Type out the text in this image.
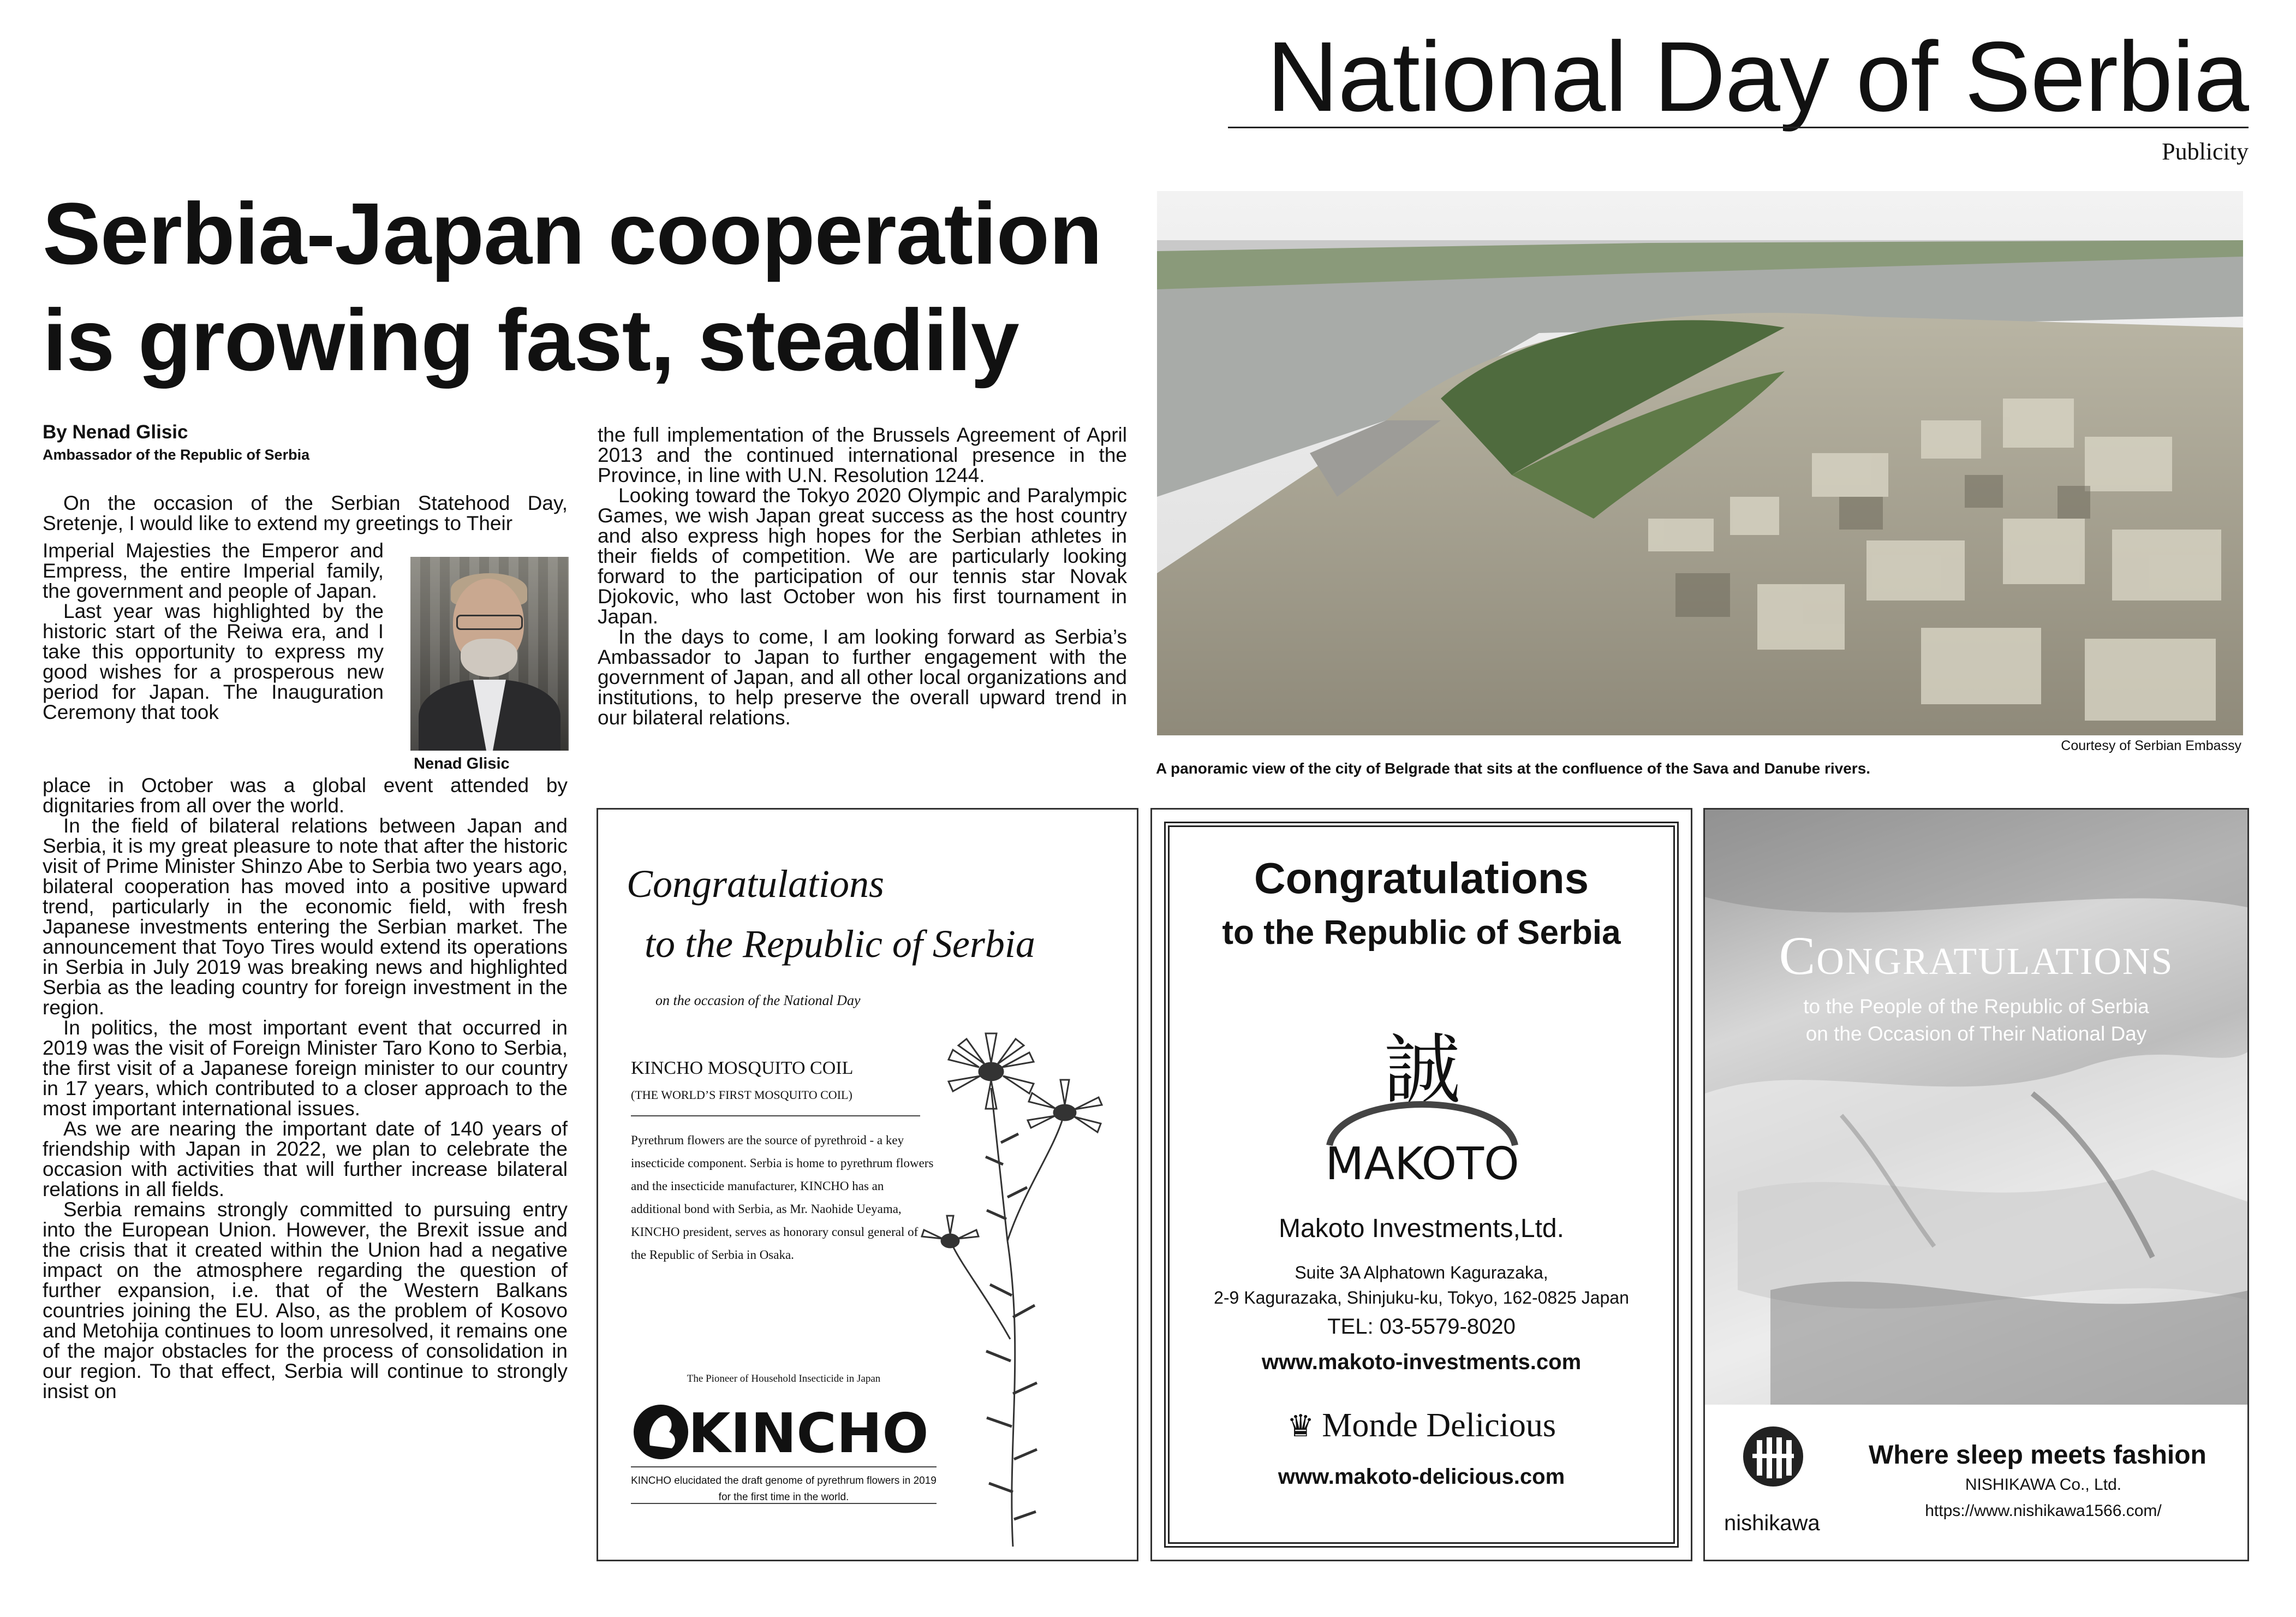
National Day of Serbia
Publicity
Serbia-Japan cooperation
is growing fast, steadily
By Nenad Glisic
Ambassador of the Republic of Serbia

On the occasion of the Serbian Statehood Day, Sretenje, I would like to extend my greetings to Their

Imperial Majesties the Emperor and Empress, the entire Imperial family, the government and people of Japan.

Last year was highlighted by the historic start of the Reiwa era, and I take this opportunity to express my good wishes for a prosperous new period for Japan. The Inauguration Ceremony that took

Nenad Glisic

place in October was a global event attended by dignitaries from all over the world.

In the field of bilateral relations between Japan and Serbia, it is my great pleasure to note that after the historic visit of Prime Minister Shinzo Abe to Serbia two years ago, bilateral cooperation has moved into a positive upward trend, particularly in the economic field, with fresh Japanese investments entering the Serbian market. The announcement that Toyo Tires would extend its operations in Serbia in July 2019 was breaking news and highlighted Serbia as the leading country for foreign investment in the region.

In politics, the most important event that occurred in 2019 was the visit of Foreign Minister Taro Kono to Serbia, the first visit of a Japanese foreign minister to our country in 17 years, which contributed to a closer approach to the most important international issues.

As we are nearing the important date of 140 years of friendship with Japan in 2022, we plan to celebrate the occasion with activities that will further increase bilateral relations in all fields.

Serbia remains strongly committed to pursuing entry into the European Union. However, the Brexit issue and the crisis that it created within the Union had a negative impact on the atmosphere regarding the question of further expansion, i.e. that of the Western Balkans countries joining the EU. Also, as the problem of Kosovo and Metohija continues to loom unresolved, it remains one of the major obstacles for the process of consolidation in our region. To that effect, Serbia will continue to strongly insist on

the full implementation of the Brussels Agreement of April 2013 and the continued international presence in the Province, in line with U.N. Resolution 1244.

Looking toward the Tokyo 2020 Olympic and Paralympic Games, we wish Japan great success as the host country and also express high hopes for the Serbian athletes in their fields of competition. We are particularly looking forward to the participation of our tennis star Novak Djokovic, who last October won his first tournament in Japan.

In the days to come, I am looking forward as Serbia’s Ambassador to Japan to further engagement with the government of Japan, and all other local organizations and institutions, to help preserve the overall upward trend in our bilateral relations.

Courtesy of Serbian Embassy
A panoramic view of the city of Belgrade that sits at the confluence of the Sava and Danube rivers.
Congratulations
to the Republic of Serbia
on the occasion of the National Day
KINCHO MOSQUITO COIL
(THE WORLD’S FIRST MOSQUITO COIL)
Pyrethrum flowers are the source of pyrethroid - a key insecticide component. Serbia is home to pyrethrum flowers and the insecticide manufacturer, KINCHO has an additional bond with Serbia, as Mr. Naohide Ueyama, KINCHO president, serves as honorary consul general of the Republic of Serbia in Osaka.
The Pioneer of Household Insecticide in Japan
KINCHO
KINCHO elucidated the draft genome of pyrethrum flowers in 2019 for the first time in the world.
Congratulations
to the Republic of Serbia
誠
MAKOTO
Makoto Investments,Ltd.
Suite 3A Alphatown Kagurazaka,
2-9 Kagurazaka, Shinjuku-ku, Tokyo, 162-0825 Japan
TEL: 03-5579-8020
www.makoto-investments.com
♛ Monde Delicious
www.makoto-delicious.com
Congratulations
to the People of the Republic of Serbia
on the Occasion of Their National Day
nishikawa
Where sleep meets fashion
NISHIKAWA Co., Ltd.
https://www.nishikawa1566.com/
